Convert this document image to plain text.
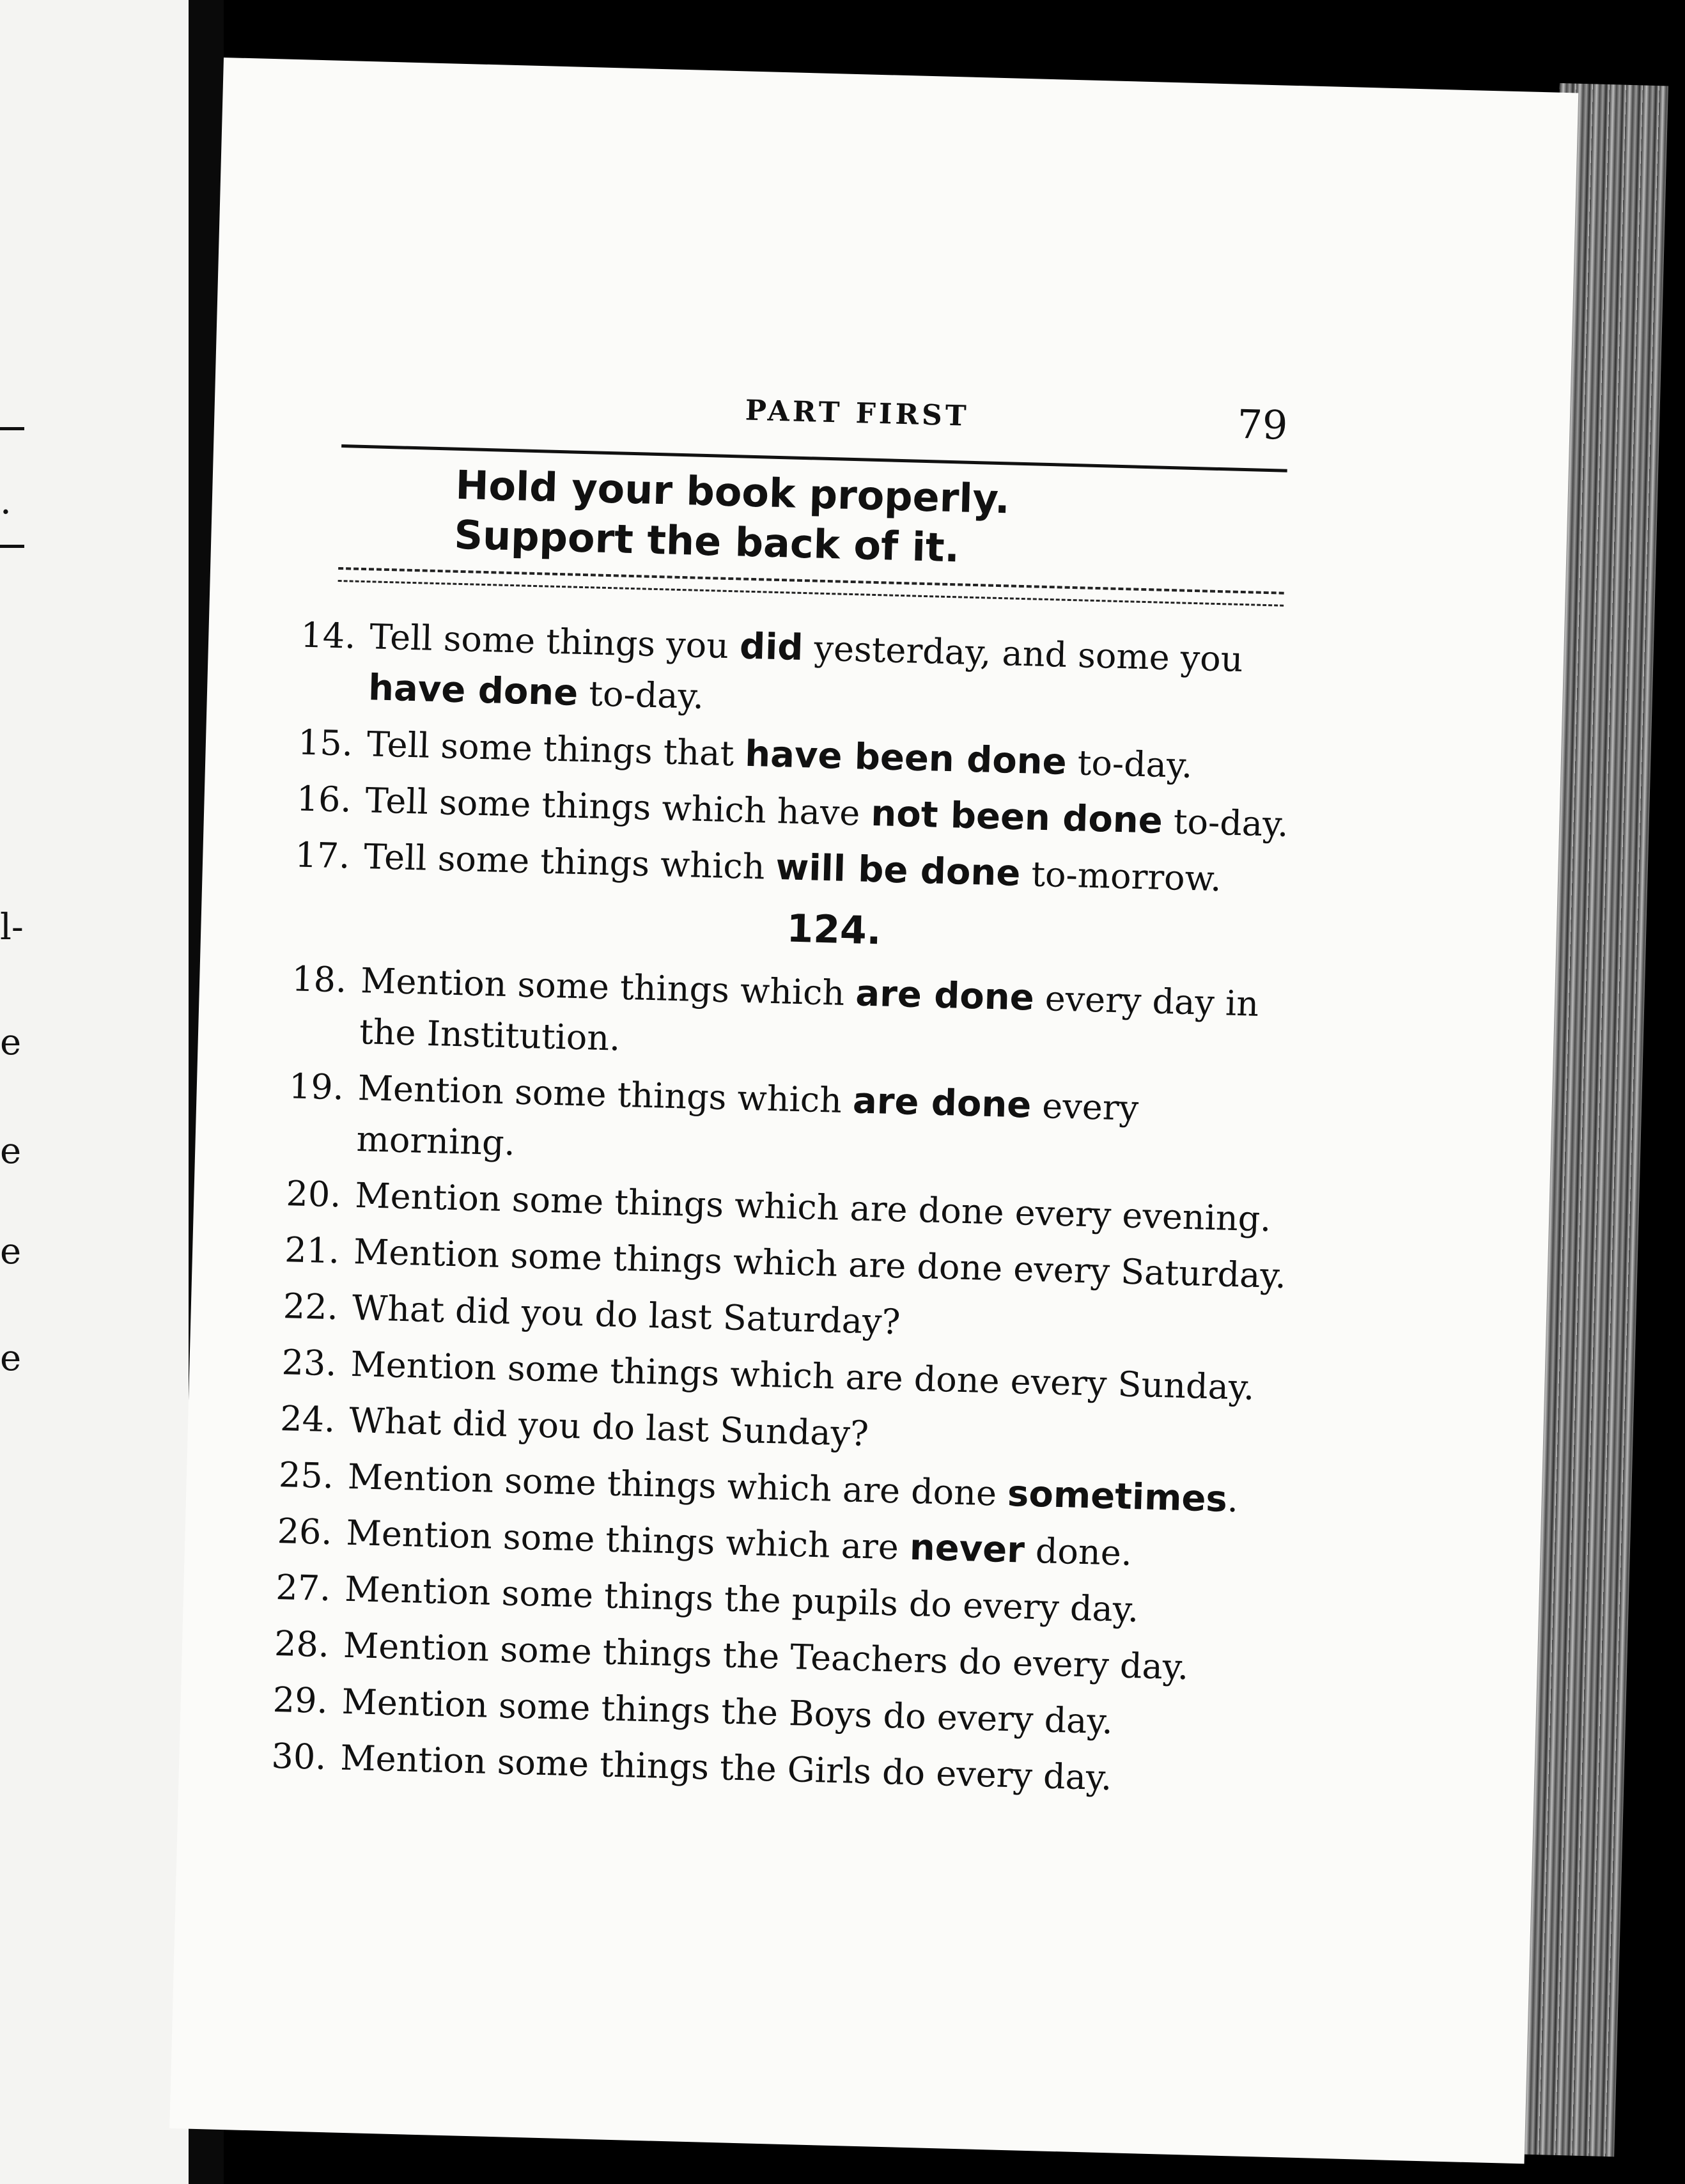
.
l-
e
e
e
e
PART FIRST	79
Hold your book properly.
Support the back of it.
14. Tell some things you did yesterday, and some you have done to-day.
15. Tell some things that have been done to-day.
16. Tell some things which have not been done to-day.
17. Tell some things which will be done to-morrow.
124.
18. Mention some things which are done every day in the Institution.
19. Mention some things which are done every morning.
20. Mention some things which are done every evening.
21. Mention some things which are done every Saturday.
22. What did you do last Saturday?
23. Mention some things which are done every Sunday.
24. What did you do last Sunday?
25. Mention some things which are done sometimes.
26. Mention some things which are never done.
27. Mention some things the pupils do every day.
28. Mention some things the Teachers do every day.
29. Mention some things the Boys do every day.
30. Mention some things the Girls do every day.
